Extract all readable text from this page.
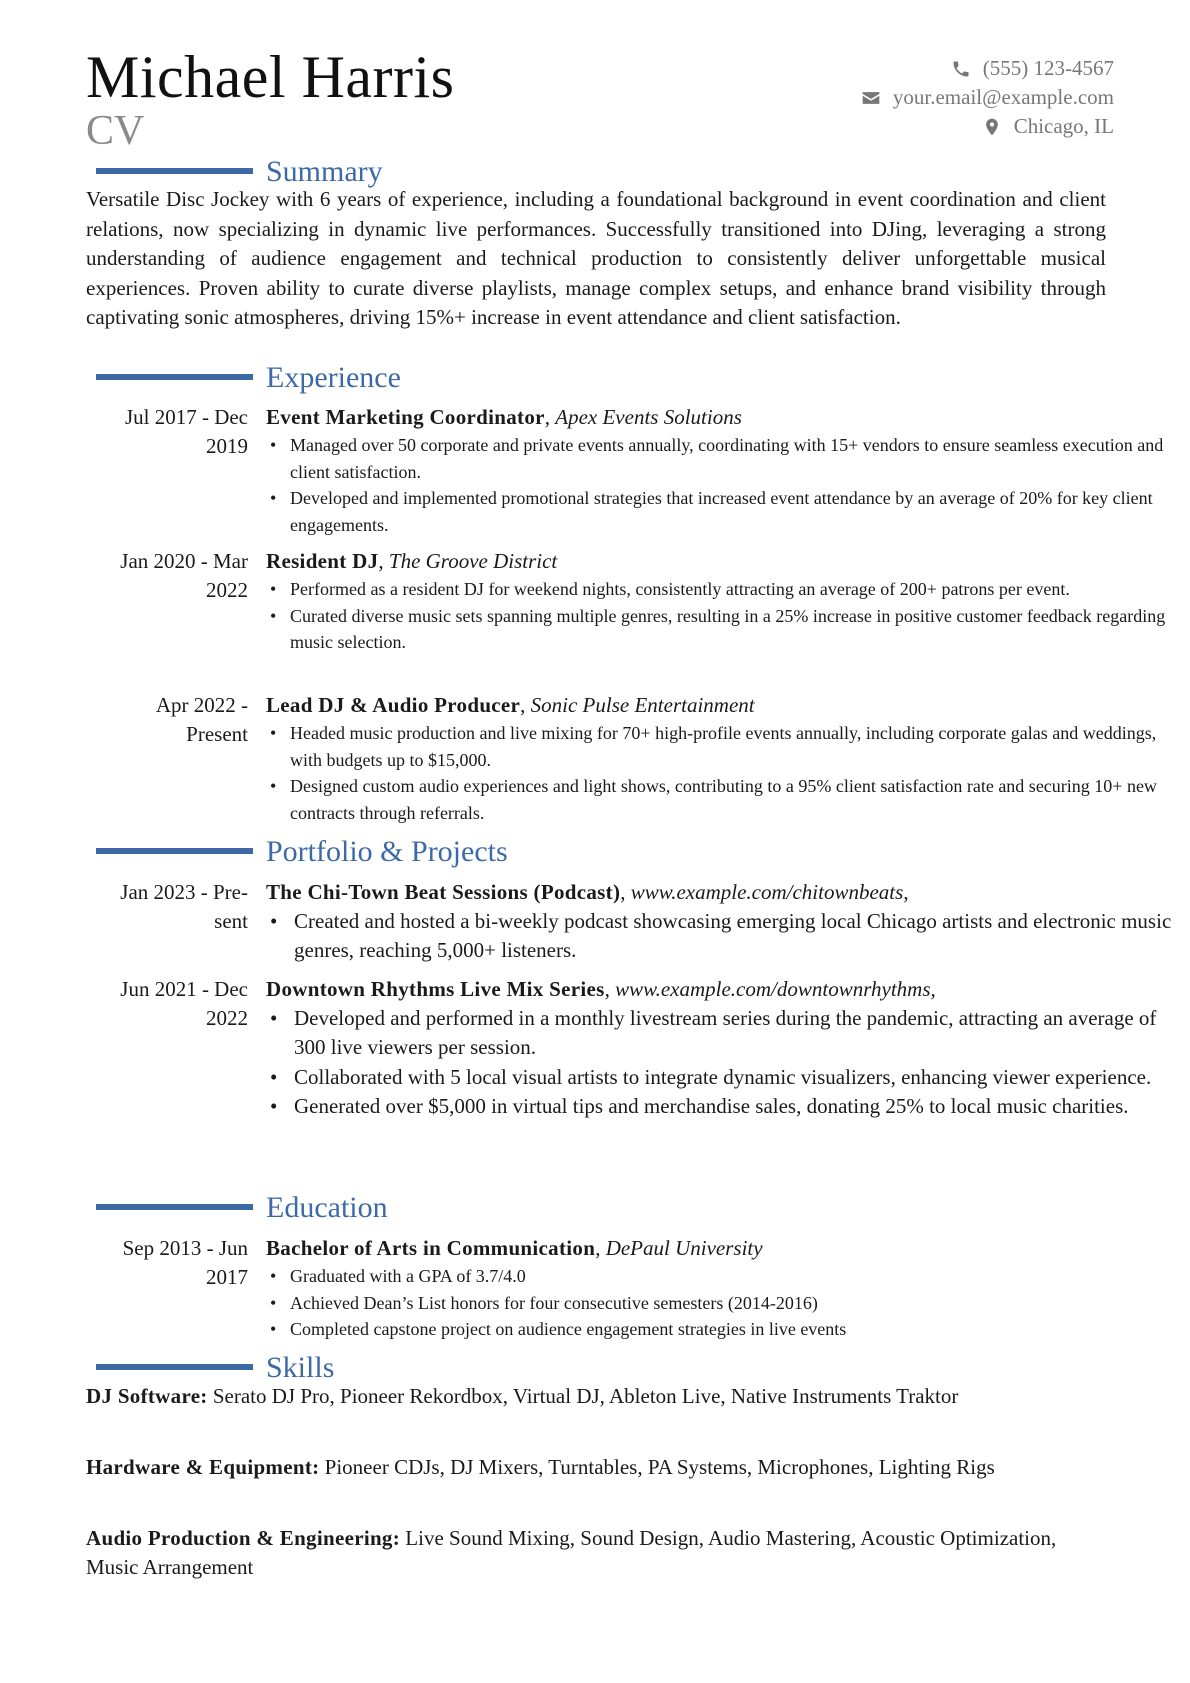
Michael Harris
CV
(555) 123-4567
your.email@example.com
Chicago, IL
Summary
Versatile Disc Jockey with 6 years of experience, including a foundational background in event coordination and client relations, now specializing in dynamic live performances. Successfully transitioned into DJing, leveraging a strong understanding of audience engagement and technical production to consistently deliver unforgettable musical experiences. Proven ability to curate diverse playlists, manage complex setups, and enhance brand visibility through captivating sonic atmospheres, driving 15%+ increase in event attendance and client satisfaction.
Experience
Jul 2017 - Dec
2019
Event Marketing Coordinator, Apex Events Solutions
• Managed over 50 corporate and private events annually, coordinating with 15+ vendors to ensure seamless execution and client satisfaction.
• Developed and implemented promotional strategies that increased event attendance by an average of 20% for key client engagements.
Jan 2020 - Mar
2022
Resident DJ, The Groove District
• Performed as a resident DJ for weekend nights, consistently attracting an average of 200+ patrons per event.
• Curated diverse music sets spanning multiple genres, resulting in a 25% increase in positive customer feedback regarding music selection.
Apr 2022 -
Present
Lead DJ & Audio Producer, Sonic Pulse Entertainment
• Headed music production and live mixing for 70+ high-profile events annually, including corporate galas and weddings, with budgets up to $15,000.
• Designed custom audio experiences and light shows, contributing to a 95% client satisfaction rate and securing 10+ new contracts through referrals.
Portfolio & Projects
Jan 2023 - Pre-
sent
The Chi-Town Beat Sessions (Podcast), www.example.com/chitownbeats,
• Created and hosted a bi-weekly podcast showcasing emerging local Chicago artists and electronic music genres, reaching 5,000+ listeners.
Jun 2021 - Dec
2022
Downtown Rhythms Live Mix Series, www.example.com/downtownrhythms,
• Developed and performed in a monthly livestream series during the pandemic, attracting an average of 300 live viewers per session.
• Collaborated with 5 local visual artists to integrate dynamic visualizers, enhancing viewer experience.
• Generated over $5,000 in virtual tips and merchandise sales, donating 25% to local music charities.
Education
Sep 2013 - Jun
2017
Bachelor of Arts in Communication, DePaul University
• Graduated with a GPA of 3.7/4.0
• Achieved Dean’s List honors for four consecutive semesters (2014-2016)
• Completed capstone project on audience engagement strategies in live events
Skills
DJ Software: Serato DJ Pro, Pioneer Rekordbox, Virtual DJ, Ableton Live, Native Instruments Traktor
Hardware & Equipment: Pioneer CDJs, DJ Mixers, Turntables, PA Systems, Microphones, Lighting Rigs
Audio Production & Engineering: Live Sound Mixing, Sound Design, Audio Mastering, Acoustic Optimization, Music Arrangement
